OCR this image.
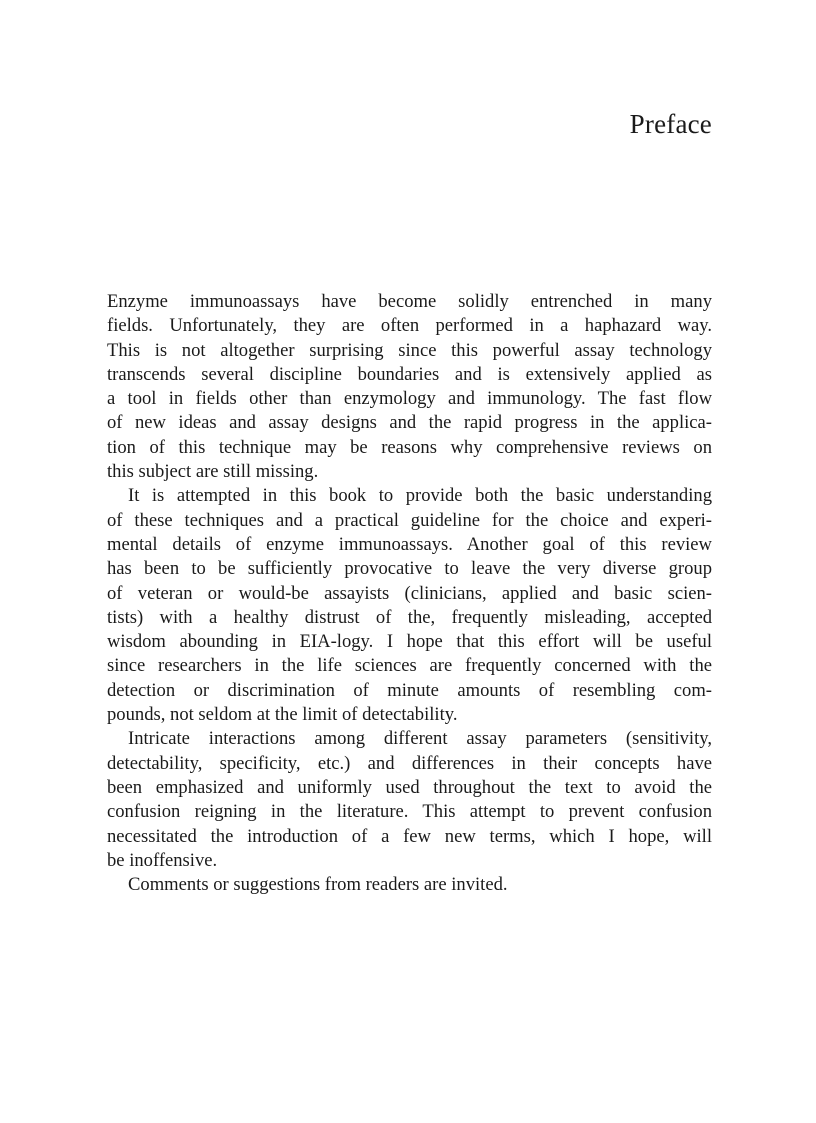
Preface
Enzyme immunoassays have become solidly entrenched in many
fields. Unfortunately, they are often performed in a haphazard way.
This is not altogether surprising since this powerful assay technology
transcends several discipline boundaries and is extensively applied as
a tool in fields other than enzymology and immunology. The fast flow
of new ideas and assay designs and the rapid progress in the applica-
tion of this technique may be reasons why comprehensive reviews on
this subject are still missing.
It is attempted in this book to provide both the basic understanding
of these techniques and a practical guideline for the choice and experi-
mental details of enzyme immunoassays. Another goal of this review
has been to be sufficiently provocative to leave the very diverse group
of veteran or would-be assayists (clinicians, applied and basic scien-
tists) with a healthy distrust of the, frequently misleading, accepted
wisdom abounding in EIA-logy. I hope that this effort will be useful
since researchers in the life sciences are frequently concerned with the
detection or discrimination of minute amounts of resembling com-
pounds, not seldom at the limit of detectability.
Intricate interactions among different assay parameters (sensitivity,
detectability, specificity, etc.) and differences in their concepts have
been emphasized and uniformly used throughout the text to avoid the
confusion reigning in the literature. This attempt to prevent confusion
necessitated the introduction of a few new terms, which I hope, will
be inoffensive.
Comments or suggestions from readers are invited.
